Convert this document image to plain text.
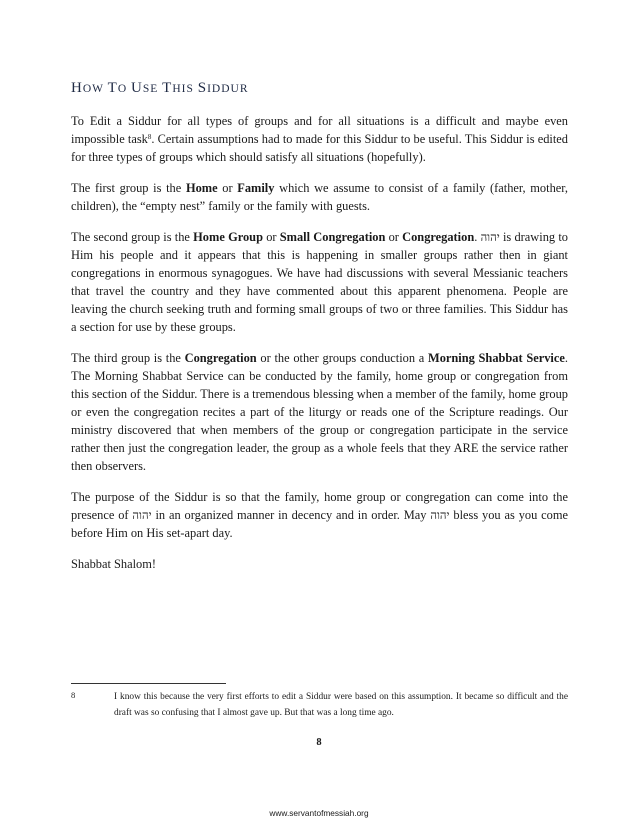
HOW TO USE THIS SIDDUR

To Edit a Siddur for all types of groups and for all situations is a difficult and maybe even impossible task$^8$. Certain assumptions had to made for this Siddur to be useful. This Siddur is edited for three types of groups which should satisfy all situations (hopefully).

The first group is the Home or Family which we assume to consist of a family (father, mother, children), the “empty nest” family or the family with guests.

The second group is the Home Group or Small Congregation or Congregation. יהוה is drawing to Him his people and it appears that this is happening in smaller groups rather then in giant congregations in enormous synagogues. We have had discussions with several Messianic teachers that travel the country and they have commented about this apparent phenomena. People are leaving the church seeking truth and forming small groups of two or three families. This Siddur has a section for use by these groups.

The third group is the Congregation or the other groups conduction a Morning Shabbat Service. The Morning Shabbat Service can be conducted by the family, home group or congregation from this section of the Siddur. There is a tremendous blessing when a member of the family, home group or even the congregation recites a part of the liturgy or reads one of the Scripture readings. Our ministry discovered that when members of the group or congregation participate in the service rather then just the congregation leader, the group as a whole feels that they ARE the service rather then observers.

The purpose of the Siddur is so that the family, home group or congregation can come into the presence of יהוה in an organized manner in decency and in order. May יהוה bless you as you come before Him on His set-apart day.

Shabbat Shalom!

8	I know this because the very first efforts to edit a Siddur were based on this assumption. It became so difficult and the draft was so confusing that I almost gave up. But that was a long time ago.
8
www.servantofmessiah.org
